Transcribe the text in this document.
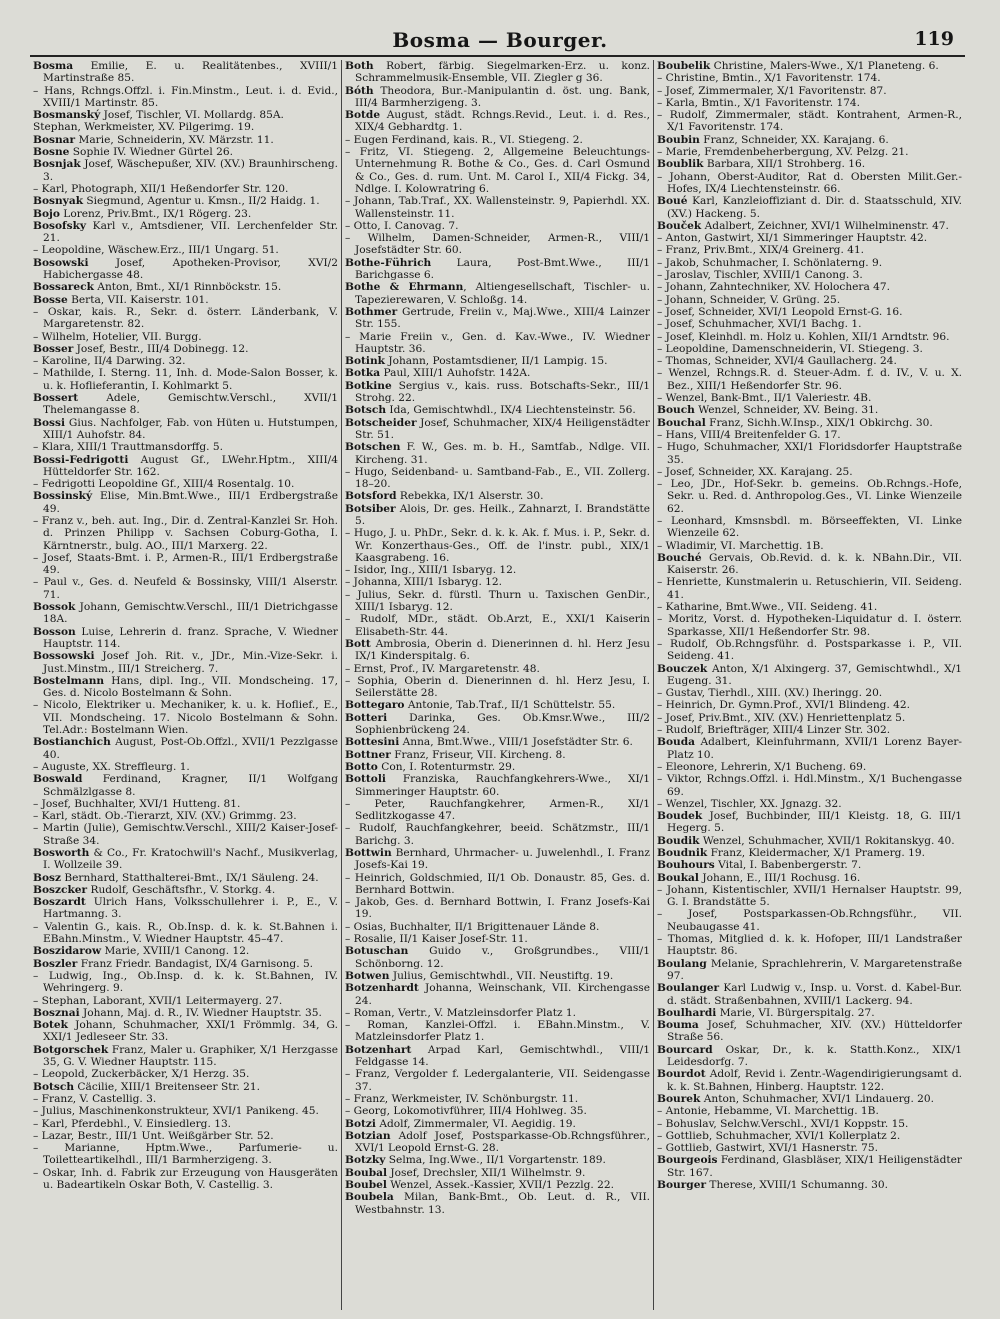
Bosma — Bourger.	119

Bosma Emilie, E. u. Realitätenbes., XVIII/1 Martinstraße 85.

– Hans, Rchngs.Offzl. i. Fin.Minstm., Leut. i. d. Evid., XVIII/1 Martinstr. 85.

Bosmanský Josef, Tischler, VI. Mollardg. 85A.

Stephan, Werkmeister, XV. Pilgerimg. 19.

Bosnar Marie, Schneiderin, XV. Märzstr. 11.

Bosne Sophie IV. Wiedner Gürtel 26.

Bosnjak Josef, Wäschepußer, XIV. (XV.) Braunhirscheng. 3.

– Karl, Photograph, XII/1 Heßendorfer Str. 120.

Bosnyak Siegmund, Agentur u. Kmsn., II/2 Haidg. 1.

Bojo Lorenz, Priv.Bmt., IX/1 Rögerg. 23.

Bosofsky Karl v., Amtsdiener, VII. Lerchenfelder Str. 21.

– Leopoldine, Wäschew.Erz., III/1 Ungarg. 51.

Bosowski Josef, Apotheken-Provisor, XVI/2 Habichergasse 48.

Bossareck Anton, Bmt., XI/1 Rinnböckstr. 15.

Bosse Berta, VII. Kaiserstr. 101.

– Oskar, kais. R., Sekr. d. österr. Länderbank, V. Margaretenstr. 82.

– Wilhelm, Hotelier, VII. Burgg.

Bosser Josef, Bestr., III/4 Dobinegg. 12.

– Karoline, II/4 Darwing. 32.

– Mathilde, I. Sterng. 11, Inh. d. Mode-Salon Bosser, k. u. k. Hoflieferantin, I. Kohlmarkt 5.

Bossert Adele, Gemischtw.Verschl., XVII/1 Thelemangasse 8.

Bossi Gius. Nachfolger, Fab. von Hüten u. Hutstumpen, XIII/1 Auhofstr. 84.

– Klara, XIII/1 Trauttmansdorffg. 5.

Bossi-Fedrigotti August Gf., LWehr.Hptm., XIII/4 Hütteldorfer Str. 162.

– Fedrigotti Leopoldine Gf., XIII/4 Rosentalg. 10.

Bossinský Elise, Min.Bmt.Wwe., III/1 Erdbergstraße 49.

– Franz v., beh. aut. Ing., Dir. d. Zentral-Kanzlei Sr. Hoh. d. Prinzen Philipp v. Sachsen Coburg-Gotha, I. Kärntnerstr., bulg. AO., III/1 Marxerg. 22.

– Josef, Staats-Bmt. i. P., Armen-R., III/1 Erdbergstraße 49.

– Paul v., Ges. d. Neufeld & Bossinsky, VIII/1 Alserstr. 71.

Bossok Johann, Gemischtw.Verschl., III/1 Dietrichgasse 18A.

Bosson Luise, Lehrerin d. franz. Sprache, V. Wiedner Hauptstr. 114.

Bossowski Josef Joh. Rit. v., JDr., Min.-Vize-Sekr. i. Just.Minstm., III/1 Streicherg. 7.

Bostelmann Hans, dipl. Ing., VII. Mondscheing. 17, Ges. d. Nicolo Bostelmann & Sohn.

– Nicolo, Elektriker u. Mechaniker, k. u. k. Hoflief., E., VII. Mondscheing. 17. Nicolo Bostelmann & Sohn. Tel.Adr.: Bostelmann Wien.

Bostianchich August, Post-Ob.Offzl., XVII/1 Pezzlgasse 40.

– Auguste, XX. Streffleurg. 1.

Boswald Ferdinand, Kragner, II/1 Wolfgang Schmälzlgasse 8.

– Josef, Buchhalter, XVI/1 Hutteng. 81.

– Karl, städt. Ob.-Tierarzt, XIV. (XV.) Grimmg. 23.

– Martin (Julie), Gemischtw.Verschl., XIII/2 Kaiser-Josef-Straße 34.

Bosworth & Co., Fr. Kratochwill's Nachf., Musikverlag, I. Wollzeile 39.

Bosz Bernhard, Statthalterei-Bmt., IX/1 Säuleng. 24.

Boszcker Rudolf, Geschäftsfhr., V. Storkg. 4.

Boszardt Ulrich Hans, Volksschullehrer i. P., E., V. Hartmanng. 3.

– Valentin G., kais. R., Ob.Insp. d. k. k. St.Bahnen i. EBahn.Minstm., V. Wiedner Hauptstr. 45–47.

Boszidarow Marie, XVIII/1 Canong. 12.

Boszler Franz Friedr. Bandagist, IX/4 Garnisong. 5.

– Ludwig, Ing., Ob.Insp. d. k. k. St.Bahnen, IV. Wehringerg. 9.

– Stephan, Laborant, XVII/1 Leitermayerg. 27.

Bosznai Johann, Maj. d. R., IV. Wiedner Hauptstr. 35.

Botek Johann, Schuhmacher, XXI/1 Frömmlg. 34, G. XXI/1 Jedleseer Str. 33.

Botgorschek Franz, Maler u. Graphiker, X/1 Herzgasse 35, G. V. Wiedner Hauptstr. 115.

– Leopold, Zuckerbäcker, X/1 Herzg. 35.

Botsch Cäcilie, XIII/1 Breitenseer Str. 21.

– Franz, V. Castellig. 3.

– Julius, Maschinenkonstrukteur, XVI/1 Panikeng. 45.

– Karl, Pferdebhl., V. Einsiedlerg. 13.

– Lazar, Bestr., III/1 Unt. Weißgärber Str. 52.

– Marianne, Hptm.Wwe., Parfumerie- u. Toiletteartikelhdl., III/1 Barmherzigeng. 3.

– Oskar, Inh. d. Fabrik zur Erzeugung von Hausgeräten u. Badeartikeln Oskar Both, V. Castellig. 3.

Both Robert, färbig. Siegelmarken-Erz. u. konz. Schrammelmusik-Ensemble, VII. Ziegler g 36.

Bóth Theodora, Bur.-Manipulantin d. öst. ung. Bank, III/4 Barmherzigeng. 3.

Botde August, städt. Rchngs.Revid., Leut. i. d. Res., XIX/4 Gebhardtg. 1.

– Eugen Ferdinand, kais. R., VI. Stiegeng. 2.

– Fritz, VI. Stiegeng. 2, Allgemeine Beleuchtungs-Unternehmung R. Bothe & Co., Ges. d. Carl Osmund & Co., Ges. d. rum. Unt. M. Carol I., XII/4 Fickg. 34, Ndlge. I. Kolowratring 6.

– Johann, Tab.Traf., XX. Wallensteinstr. 9, Papierhdl. XX. Wallensteinstr. 11.

– Otto, I. Canovag. 7.

– Wilhelm, Damen-Schneider, Armen-R., VIII/1 Josefstädter Str. 60.

Bothe-Führich Laura, Post-Bmt.Wwe., III/1 Barichgasse 6.

Bothe & Ehrmann, Altiengesellschaft, Tischler- u. Tapezierewaren, V. Schloßg. 14.

Bothmer Gertrude, Freiin v., Maj.Wwe., XIII/4 Lainzer Str. 155.

– Marie Freiin v., Gen. d. Kav.-Wwe., IV. Wiedner Hauptstr. 36.

Botink Johann, Postamtsdiener, II/1 Lampig. 15.

Botka Paul, XIII/1 Auhofstr. 142A.

Botkine Sergius v., kais. russ. Botschafts-Sekr., III/1 Strohg. 22.

Botsch Ida, Gemischtwhdl., IX/4 Liechtensteinstr. 56.

Botscheider Josef, Schuhmacher, XIX/4 Heiligenstädter Str. 51.

Botschen F. W., Ges. m. b. H., Samtfab., Ndlge. VII. Kircheng. 31.

– Hugo, Seidenband- u. Samtband-Fab., E., VII. Zollerg. 18–20.

Botsford Rebekka, IX/1 Alserstr. 30.

Botsiber Alois, Dr. ges. Heilk., Zahnarzt, I. Brandstätte 5.

– Hugo, J. u. PhDr., Sekr. d. k. k. Ak. f. Mus. i. P., Sekr. d. Wr. Konzerthaus-Ges., Off. de l'instr. publ., XIX/1 Kaasgrabeng. 16.

– Isidor, Ing., XIII/1 Isbaryg. 12.

– Johanna, XIII/1 Isbaryg. 12.

– Julius, Sekr. d. fürstl. Thurn u. Taxischen GenDir., XIII/1 Isbaryg. 12.

– Rudolf, MDr., städt. Ob.Arzt, E., XXI/1 Kaiserin Elisabeth-Str. 44.

Bott Ambrosia, Oberin d. Dienerinnen d. hl. Herz Jesu IX/1 Kinderspitalg. 6.

– Ernst, Prof., IV. Margaretenstr. 48.

– Sophia, Oberin d. Dienerinnen d. hl. Herz Jesu, I. Seilerstätte 28.

Bottegaro Antonie, Tab.Traf., II/1 Schüttelstr. 55.

Botteri Darinka, Ges. Ob.Kmsr.Wwe., III/2 Sophienbrückeng 24.

Bottesini Anna, Bmt.Wwe., VIII/1 Josefstädter Str. 6.

Bottner Franz, Friseur, VII. Kircheng. 8.

Botto Con, I. Rotenturmstr. 29.

Bottoli Franziska, Rauchfangkehrers-Wwe., XI/1 Simmeringer Hauptstr. 60.

– Peter, Rauchfangkehrer, Armen-R., XI/1 Sedlitzkogasse 47.

– Rudolf, Rauchfangkehrer, beeid. Schätzmstr., III/1 Barichg. 3.

Bottwin Bernhard, Uhrmacher- u. Juwelenhdl., I. Franz Josefs-Kai 19.

– Heinrich, Goldschmied, II/1 Ob. Donaustr. 85, Ges. d. Bernhard Bottwin.

– Jakob, Ges. d. Bernhard Bottwin, I. Franz Josefs-Kai 19.

– Osias, Buchhalter, II/1 Brigittenauer Lände 8.

– Rosalie, II/1 Kaiser Josef-Str. 11.

Botuschan Guido v., Großgrundbes., VIII/1 Schönborng. 12.

Botwen Julius, Gemischtwhdl., VII. Neustiftg. 19.

Botzenhardt Johanna, Weinschank, VII. Kirchengasse 24.

– Roman, Vertr., V. Matzleinsdorfer Platz 1.

– Roman, Kanzlei-Offzl. i. EBahn.Minstm., V. Matzleinsdorfer Platz 1.

Botzenhart Arpad Karl, Gemischtwhdl., VIII/1 Feldgasse 14.

– Franz, Vergolder f. Ledergalanterie, VII. Seidengasse 37.

– Franz, Werkmeister, IV. Schönburgstr. 11.

– Georg, Lokomotivführer, III/4 Hohlweg. 35.

Botzi Adolf, Zimmermaler, VI. Aegidig. 19.

Botzian Adolf Josef, Postsparkasse-Ob.Rchngsführer., XVI/1 Leopold Ernst-G. 28.

Botzky Selma, Ing.Wwe., II/1 Vorgartenstr. 189.

Boubal Josef, Drechsler, XII/1 Wilhelmstr. 9.

Boubel Wenzel, Assek.-Kassier, XVII/1 Pezzlg. 22.

Boubela Milan, Bank-Bmt., Ob. Leut. d. R., VII. Westbahnstr. 13.

Boubelik Christine, Malers-Wwe., X/1 Planeteng. 6.

– Christine, Bmtin., X/1 Favoritenstr. 174.

– Josef, Zimmermaler, X/1 Favoritenstr. 87.

– Karla, Bmtin., X/1 Favoritenstr. 174.

– Rudolf, Zimmermaler, städt. Kontrahent, Armen-R., X/1 Favoritenstr. 174.

Boubin Franz, Schneider, XX. Karajang. 6.

– Marie, Fremdenbeherbergung, XV. Pelzg. 21.

Boublik Barbara, XII/1 Strohberg. 16.

– Johann, Oberst-Auditor, Rat d. Obersten Milit.Ger.-Hofes, IX/4 Liechtensteinstr. 66.

Boué Karl, Kanzleioffiziant d. Dir. d. Staatsschuld, XIV. (XV.) Hackeng. 5.

Bouček Adalbert, Zeichner, XVI/1 Wilhelminenstr. 47.

– Anton, Gastwirt, XI/1 Simmeringer Hauptstr. 42.

– Franz, Priv.Bmt., XIX/4 Greinerg. 41.

– Jakob, Schuhmacher, I. Schönlaterng. 9.

– Jaroslav, Tischler, XVIII/1 Canong. 3.

– Johann, Zahntechniker, XV. Holochera 47.

– Johann, Schneider, V. Grüng. 25.

– Josef, Schneider, XVI/1 Leopold Ernst-G. 16.

– Josef, Schuhmacher, XVI/1 Bachg. 1.

– Josef, Kleinhdl. m. Holz u. Kohlen, XII/1 Arndtstr. 96.

– Leopoldine, Damenschneiderin, VI. Stiegeng. 3.

– Thomas, Schneider, XVI/4 Gaullacherg. 24.

– Wenzel, Rchngs.R. d. Steuer-Adm. f. d. IV., V. u. X. Bez., XIII/1 Heßendorfer Str. 96.

– Wenzel, Bank-Bmt., II/1 Valeriestr. 4B.

Bouch Wenzel, Schneider, XV. Being. 31.

Bouchal Franz, Sichh.W.Insp., XIX/1 Obkirchg. 30.

– Hans, VIII/4 Breitenfelder G. 17.

– Hugo, Schuhmacher, XXI/1 Floridsdorfer Hauptstraße 35.

– Josef, Schneider, XX. Karajang. 25.

– Leo, JDr., Hof-Sekr. b. gemeins. Ob.Rchngs.-Hofe, Sekr. u. Red. d. Anthropolog.Ges., VI. Linke Wienzeile 62.

– Leonhard, Kmsnsbdl. m. Börseeffekten, VI. Linke Wienzeile 62.

– Wladimir, VI. Marchettig. 1B.

Bouché Gervais, Ob.Revid. d. k. k. NBahn.Dir., VII. Kaiserstr. 26.

– Henriette, Kunstmalerin u. Retuschierin, VII. Seideng. 41.

– Katharine, Bmt.Wwe., VII. Seideng. 41.

– Moritz, Vorst. d. Hypotheken-Liquidatur d. I. österr. Sparkasse, XII/1 Heßendorfer Str. 98.

– Rudolf, Ob.Rchngsführ. d. Postsparkasse i. P., VII. Seideng. 41.

Bouczek Anton, X/1 Alxingerg. 37, Gemischtwhdl., X/1 Eugeng. 31.

– Gustav, Tierhdl., XIII. (XV.) Iheringg. 20.

– Heinrich, Dr. Gymn.Prof., XVI/1 Blindeng. 42.

– Josef, Priv.Bmt., XIV. (XV.) Henriettenplatz 5.

– Rudolf, Briefträger, XIII/4 Linzer Str. 302.

Bouda Adalbert, Kleinfuhrmann, XVII/1 Lorenz Bayer-Platz 10.

– Eleonore, Lehrerin, X/1 Bucheng. 69.

– Viktor, Rchngs.Offzl. i. Hdl.Minstm., X/1 Buchengasse 69.

– Wenzel, Tischler, XX. Jgnazg. 32.

Boudek Josef, Buchbinder, III/1 Kleistg. 18, G. III/1 Hegerg. 5.

Boudik Wenzel, Schuhmacher, XVII/1 Rokitanskyg. 40.

Boudnik Franz, Kleidermacher, X/1 Pramerg. 19.

Bouhours Vital, I. Babenbergerstr. 7.

Boukal Johann, E., III/1 Rochusg. 16.

– Johann, Kistentischler, XVII/1 Hernalser Hauptstr. 99, G. I. Brandstätte 5.

– Josef, Postsparkassen-Ob.Rchngsführ., VII. Neubaugasse 41.

– Thomas, Mitglied d. k. k. Hofoper, III/1 Landstraßer Hauptstr. 86.

Boulang Melanie, Sprachlehrerin, V. Margaretenstraße 97.

Boulanger Karl Ludwig v., Insp. u. Vorst. d. Kabel-Bur. d. städt. Straßenbahnen, XVIII/1 Lackerg. 94.

Boulhardi Marie, VI. Bürgerspitalg. 27.

Bouma Josef, Schuhmacher, XIV. (XV.) Hütteldorfer Straße 56.

Bourcard Oskar, Dr., k. k. Statth.Konz., XIX/1 Leidesdorfg. 7.

Bourdot Adolf, Revid i. Zentr.-Wagendirigierungsamt d. k. k. St.Bahnen, Hinberg. Hauptstr. 122.

Bourek Anton, Schuhmacher, XVI/1 Lindauerg. 20.

– Antonie, Hebamme, VI. Marchettig. 1B.

– Bohuslav, Selchw.Verschl., XVI/1 Koppstr. 15.

– Gottlieb, Schuhmacher, XVI/1 Kollerplatz 2.

– Gottlieb, Gastwirt, XVI/1 Hasnerstr. 75.

Bourgeois Ferdinand, Glasbläser, XIX/1 Heiligenstädter Str. 167.

Bourger Therese, XVIII/1 Schumanng. 30.
